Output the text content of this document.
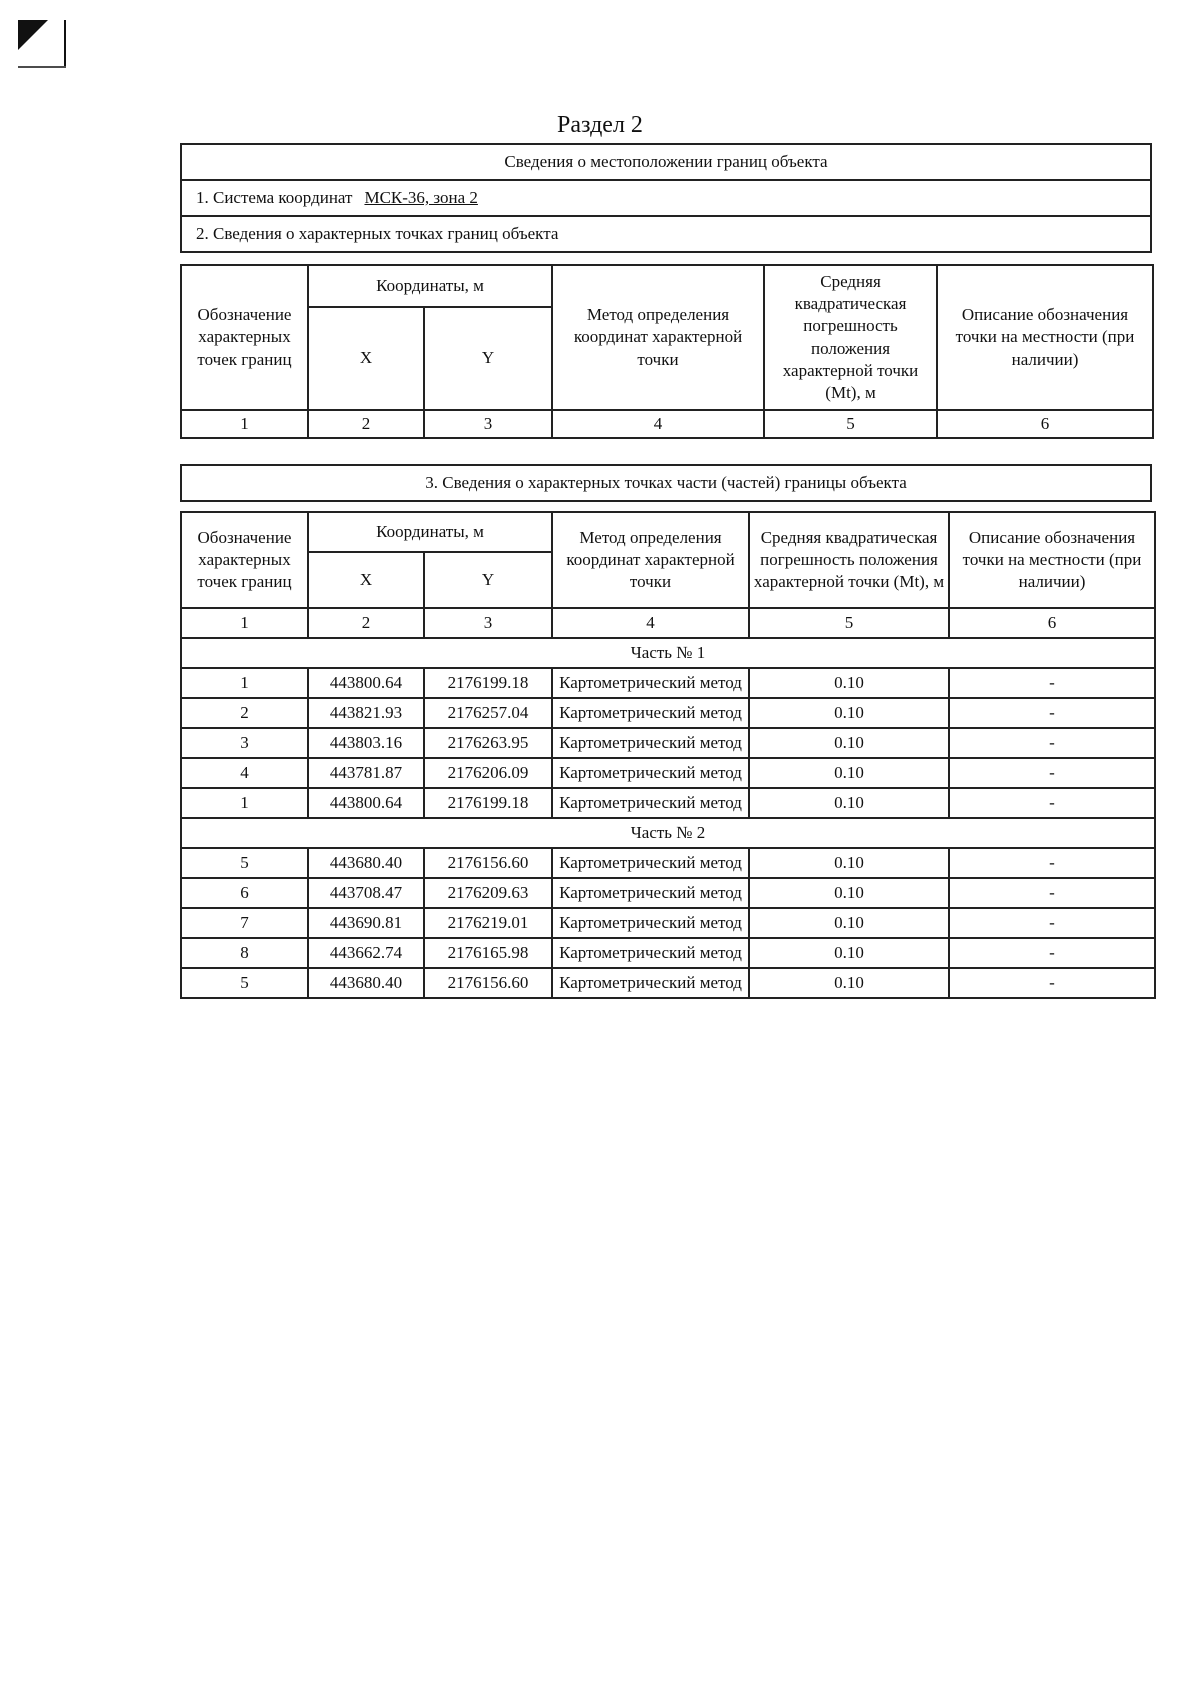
Раздел 2
Сведения о местоположении границ объекта
1. Система координат МСК-36, зона 2
2. Сведения о характерных точках границ объекта
Обозначение характерных точек границ	Координаты, м		Метод определения координат характерной точки	Средняя квадратическая погрешность положения характерной точки (Mt), м	Описание обозначения точки на местности (при наличии)
	X	Y			
1	2	3	4	5	6
3. Сведения о характерных точках части (частей) границы объекта
Обозначение характерных точек границ	Координаты, м		Метод определения координат характерной точки	Средняя квадратическая погрешность положения характерной точки (Mt), м	Описание обозначения точки на местности (при наличии)
	X	Y			
1	2	3	4	5	6
Часть № 1					
1	443800.64	2176199.18	Картометрический метод	0.10	-
2	443821.93	2176257.04	Картометрический метод	0.10	-
3	443803.16	2176263.95	Картометрический метод	0.10	-
4	443781.87	2176206.09	Картометрический метод	0.10	-
1	443800.64	2176199.18	Картометрический метод	0.10	-
Часть № 2					
5	443680.40	2176156.60	Картометрический метод	0.10	-
6	443708.47	2176209.63	Картометрический метод	0.10	-
7	443690.81	2176219.01	Картометрический метод	0.10	-
8	443662.74	2176165.98	Картометрический метод	0.10	-
5	443680.40	2176156.60	Картометрический метод	0.10	-
